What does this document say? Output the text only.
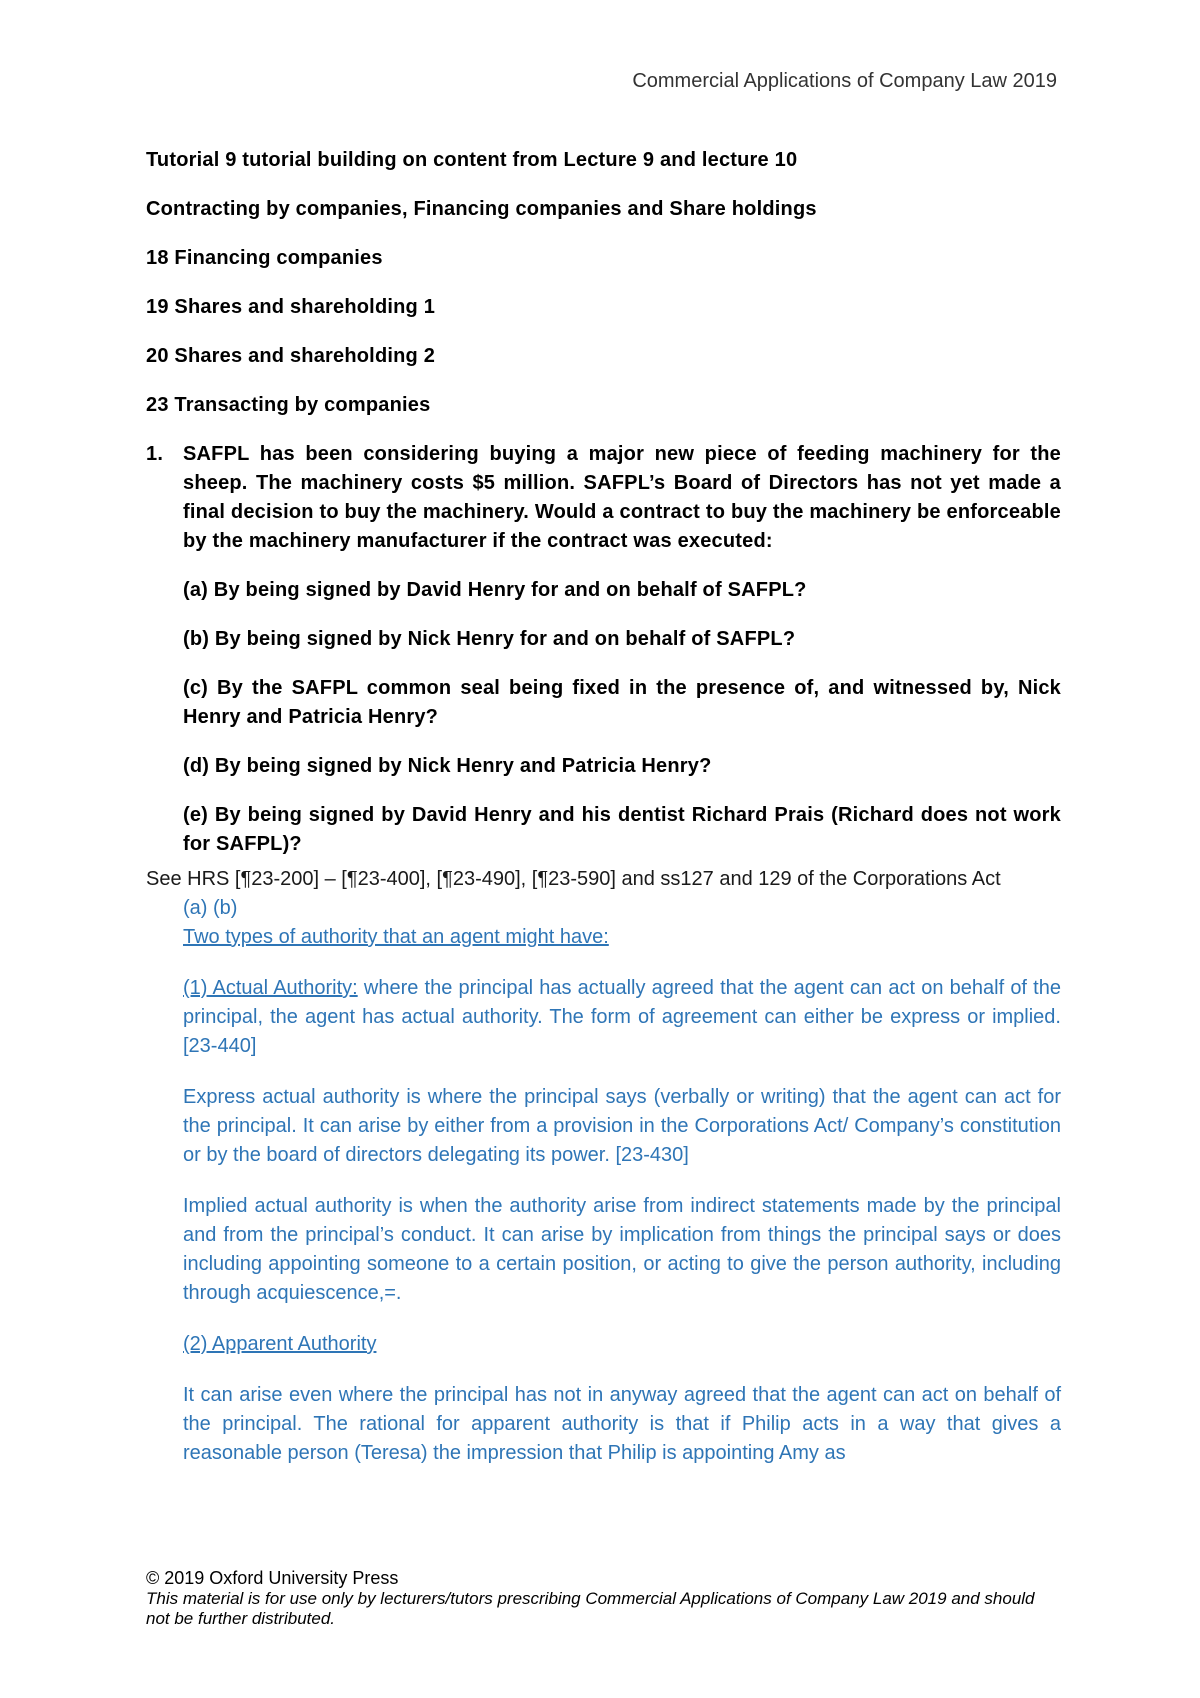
Commercial Applications of Company Law 2019

Tutorial 9 tutorial building on content from Lecture 9 and lecture 10

Contracting by companies, Financing companies and Share holdings

18 Financing companies

19 Shares and shareholding 1

20 Shares and shareholding 2

23 Transacting by companies

1. SAFPL has been considering buying a major new piece of feeding machinery for the sheep. The machinery costs $5 million. SAFPL’s Board of Directors has not yet made a final decision to buy the machinery. Would a contract to buy the machinery be enforceable by the machinery manufacturer if the contract was executed:
(a) By being signed by David Henry for and on behalf of SAFPL?
(b) By being signed by Nick Henry for and on behalf of SAFPL?
(c) By the SAFPL common seal being fixed in the presence of, and witnessed by, Nick Henry and Patricia Henry?
(d) By being signed by Nick Henry and Patricia Henry?
(e) By being signed by David Henry and his dentist Richard Prais (Richard does not work for SAFPL)?

See HRS [¶23-200] – [¶23-400], [¶23-490], [¶23-590] and ss127 and 129 of the Corporations Act

(a) (b)

Two types of authority that an agent might have:

(1) Actual Authority: where the principal has actually agreed that the agent can act on behalf of the principal, the agent has actual authority. The form of agreement can either be express or implied. [23-440]

Express actual authority is where the principal says (verbally or writing) that the agent can act for the principal. It can arise by either from a provision in the Corporations Act/ Company’s constitution or by the board of directors delegating its power. [23-430]

Implied actual authority is when the authority arise from indirect statements made by the principal and from the principal’s conduct. It can arise by implication from things the principal says or does including appointing someone to a certain position, or acting to give the person authority, including through acquiescence,=.

(2) Apparent Authority

It can arise even where the principal has not in anyway agreed that the agent can act on behalf of the principal. The rational for apparent authority is that if Philip acts in a way that gives a reasonable person (Teresa) the impression that Philip is appointing Amy as

© 2019 Oxford University Press
This material is for use only by lecturers/tutors prescribing Commercial Applications of Company Law 2019 and should not be further distributed.
